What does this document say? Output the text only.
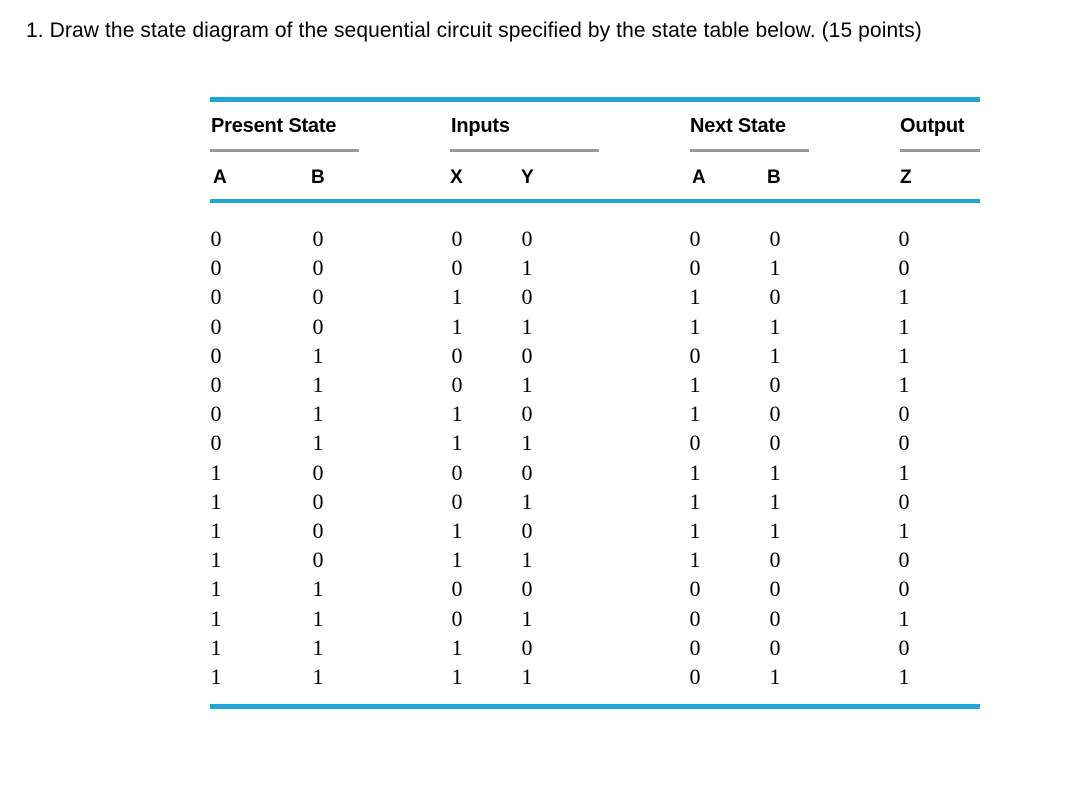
1. Draw the state diagram of the sequential circuit specified by the state table below. (15 points)
Present State	Inputs	Next State	Output
A	B	X	Y	A	B	Z
0	0	0	0	0	0	0
0	0	0	1	0	1	0
0	0	1	0	1	0	1
0	0	1	1	1	1	1
0	1	0	0	0	1	1
0	1	0	1	1	0	1
0	1	1	0	1	0	0
0	1	1	1	0	0	0
1	0	0	0	1	1	1
1	0	0	1	1	1	0
1	0	1	0	1	1	1
1	0	1	1	1	0	0
1	1	0	0	0	0	0
1	1	0	1	0	0	1
1	1	1	0	0	0	0
1	1	1	1	0	1	1
